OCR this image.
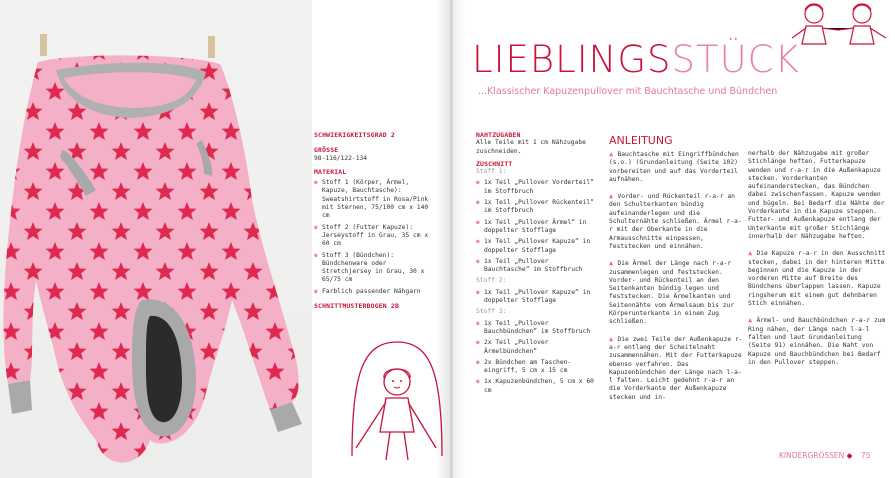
SCHWIERIGKEITSGRAD 2
GRÖSSE
98-116/122-134
MATERIAL
● Stoff 1 (Körper, Ärmel, Kapuze, Bauchtasche): Sweatshirtstoff in Rosa/Pink mit Sternen, 75/100 cm x 140 cm
● Stoff 2 (Futter Kapuze): Jerseystoff in Grau, 35 cm x 60 cm
● Stoff 3 (Bündchen): Bündchenware oder Stretchjersey in Grau, 30 x 65/75 cm
● Farblich passender Nähgarn
SCHNITTMUSTERBOGEN 2B
NAHTZUGABEN
Alle Teile mit 1 cm Nähzugabe zuschneiden.
ZUSCHNITT
Stoff 1:
● 1x Teil „Pullover Vorderteil“ im Stoffbruch
● 1x Teil „Pullover Rückenteil“ im Stoffbruch
● 1x Teil „Pullover Ärmel“ in doppelter Stofflage
● 1x Teil „Pullover Kapuze“ in doppelter Stofflage
● 1x Teil „Pullover Bauchtasche“ im Stoffbruch
Stoff 2:
● 1x Teil „Pullover Kapuze“ in doppelter Stofflage
Stoff 3:
● 1x Teil „Pullover Bauchbündchen“ im Stoffbruch
● 2x Teil „Pullover Ärmelbündchen“
● 2x Bündchen am Taschen-eingriff, 5 cm x 15 cm
● 1x Kapuzenbündchen, 5 cm x 60 cm
LIEBLINGSSTÜCK
...Klassischer Kapuzenpullover mit Bauchtasche und Bündchen
ANLEITUNG
▲ Bauchtasche mit Eingriffbündchen (s.o.) (Grundanleitung (Seite 102) vorbereiten und auf das Vorderteil aufnähen.
▲ Vorder- und Rückenteil r-a-r an den Schulterkanten bündig aufeinanderlegen und die Schulternähte schließen. Ärmel r-a-r mit der Oberkante in die Armausschnitte einpassen, feststecken und einnähen.
▲ Die Ärmel der Länge nach r-a-r zusammenlegen und feststecken. Vorder- und Rückenteil an den Seitenkanten bündig legen und feststecken. Die Ärmelkanten und Seitennähte vom Ärmelsaum bis zur Körperunterkante in einem Zug schließen.
▲ Die zwei Teile der Außenkapuze r-a-r entlang der Scheitelnaht zusammennähen. Mit der Futterkapuze ebenso verfahren. Das Kapuzenbündchen der Länge nach l-a-l falten. Leicht gedehnt r-a-r an die Vorderkante der Außenkapuze stecken und in-
nerhalb der Nähzugabe mit großer Stichlänge heften. Futterkapuze wenden und r-a-r in die Außenkapuze stecken. Vorderkanten aufeinanderstecken, das Bündchen dabei zwischenfassen. Kapuze wenden und bügeln. Bei Bedarf die Nähte der Vorderkante in die Kapuze steppen. Futter- und Außenkapuze entlang der Unterkante mit großer Stichlänge innerhalb der Nähzugabe heften.
▲ Die Kapuze r-a-r in den Ausschnitt stecken, dabei in der hinteren Mitte beginnen und die Kapuze in der vorderen Mitte auf Breite des Bündchens überlappen lassen. Kapuze ringsherum mit einem gut dehnbaren Stich einnähen.
▲ Ärmel- und Bauchbündchen r-a-r zum Ring nähen, der Länge nach l-a-l falten und laut Grundanleitung (Seite 91) einnähen. Die Naht von Kapuze und Bauchbündchen bei Bedarf in den Pullover steppen.
KINDERGRÖSSEN ◆ 75
